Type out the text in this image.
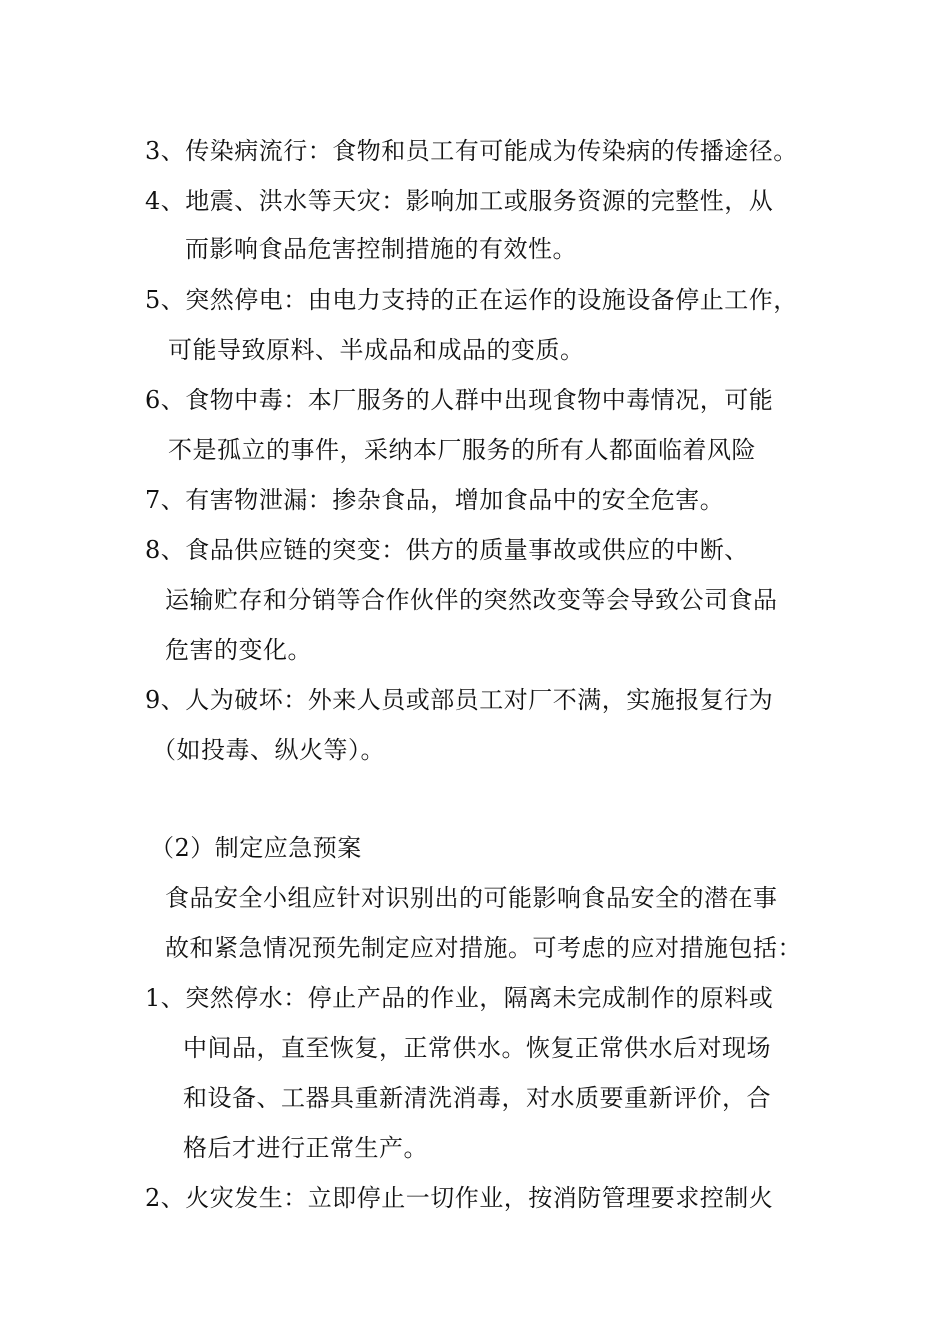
3、传染病流行：食物和员工有可能成为传染病的传播途径。
4、地震、洪水等天灾：影响加工或服务资源的完整性，从
而影响食品危害控制措施的有效性。
5、突然停电：由电力支持的正在运作的设施设备停止工作，
可能导致原料、半成品和成品的变质。
6、食物中毒：本厂服务的人群中出现食物中毒情况，可能
不是孤立的事件，采纳本厂服务的所有人都面临着风险
7、有害物泄漏：掺杂食品，增加食品中的安全危害。
8、食品供应链的突变：供方的质量事故或供应的中断、
运输贮存和分销等合作伙伴的突然改变等会导致公司食品
危害的变化。
9、人为破坏：外来人员或部员工对厂不满，实施报复行为
（如投毒、纵火等）。
（2）制定应急预案
食品安全小组应针对识别出的可能影响食品安全的潜在事
故和紧急情况预先制定应对措施。可考虑的应对措施包括：
1、突然停水：停止产品的作业，隔离未完成制作的原料或
中间品，直至恢复，正常供水。恢复正常供水后对现场
和设备、工器具重新清洗消毒，对水质要重新评价，合
格后才进行正常生产。
2、火灾发生：立即停止一切作业，按消防管理要求控制火
